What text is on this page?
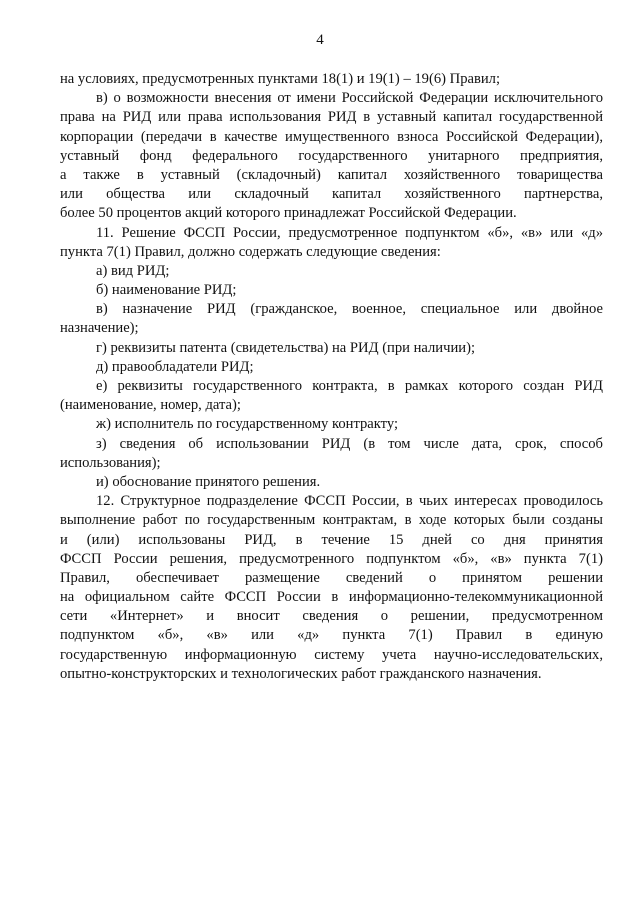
4
на условиях, предусмотренных пунктами 18(1) и 19(1) – 19(6) Правил;
в) о возможности внесения от имени Российской Федерации исключительного
права на РИД или права использования РИД в уставный капитал государственной
корпорации (передачи в качестве имущественного взноса Российской Федерации),
уставный фонд федерального государственного унитарного предприятия,
а также в уставный (складочный) капитал хозяйственного товарищества
или общества или складочный капитал хозяйственного партнерства,
более 50 процентов акций которого принадлежат Российской Федерации.
11. Решение ФССП России, предусмотренное подпунктом «б», «в» или «д»
пункта 7(1) Правил, должно содержать следующие сведения:
а) вид РИД;
б) наименование РИД;
в) назначение РИД (гражданское, военное, специальное или двойное
назначение);
г) реквизиты патента (свидетельства) на РИД (при наличии);
д) правообладатели РИД;
е) реквизиты государственного контракта, в рамках которого создан РИД
(наименование, номер, дата);
ж) исполнитель по государственному контракту;
з) сведения об использовании РИД (в том числе дата, срок, способ
использования);
и) обоснование принятого решения.
12. Структурное подразделение ФССП России, в чьих интересах проводилось
выполнение работ по государственным контрактам, в ходе которых были созданы
и (или) использованы РИД, в течение 15 дней со дня принятия
ФССП России решения, предусмотренного подпунктом «б», «в» пункта 7(1)
Правил, обеспечивает размещение сведений о принятом решении
на официальном сайте ФССП России в информационно-телекоммуникационной
сети «Интернет» и вносит сведения о решении, предусмотренном
подпунктом «б», «в» или «д» пункта 7(1) Правил в единую
государственную информационную систему учета научно-исследовательских,
опытно-конструкторских и технологических работ гражданского назначения.
